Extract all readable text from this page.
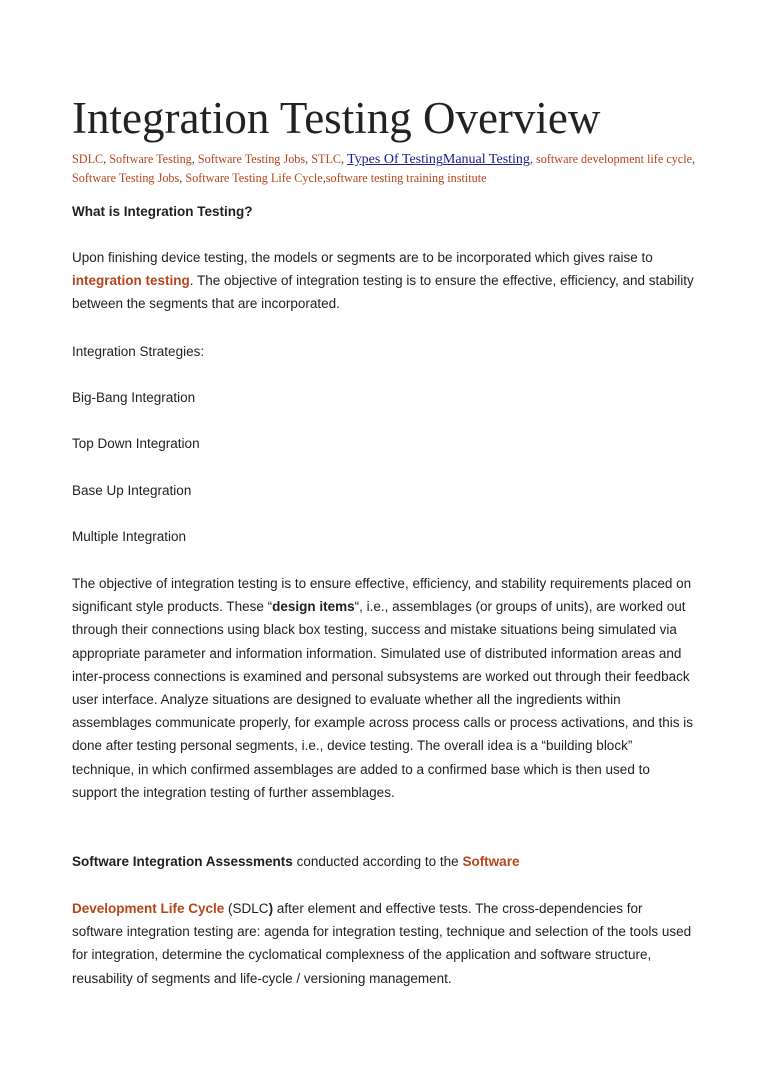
Integration Testing Overview
SDLC, Software Testing, Software Testing Jobs, STLC, Types Of TestingManual Testing, software development life cycle, Software Testing Jobs, Software Testing Life Cycle,software testing training institute

What is Integration Testing?

Upon finishing device testing, the models or segments are to be incorporated which gives raise to integration testing. The objective of integration testing is to ensure the effective, efficiency, and stability between the segments that are incorporated.

Integration Strategies:

Big-Bang Integration

Top Down Integration

Base Up Integration

Multiple Integration

The objective of integration testing is to ensure effective, efficiency, and stability requirements placed on significant style products. These “design items“, i.e., assemblages (or groups of units), are worked out through their connections using black box testing, success and mistake situations being simulated via appropriate parameter and information information. Simulated use of distributed information areas and inter-process connections is examined and personal subsystems are worked out through their feedback user interface. Analyze situations are designed to evaluate whether all the ingredients within assemblages communicate properly, for example across process calls or process activations, and this is done after testing personal segments, i.e., device testing. The overall idea is a “building block” technique, in which confirmed assemblages are added to a confirmed base which is then used to support the integration testing of further assemblages.

Software Integration Assessments conducted according to the Software

Development Life Cycle (SDLC) after element and effective tests. The cross-dependencies for software integration testing are: agenda for integration testing, technique and selection of the tools used for integration, determine the cyclomatical complexness of the application and software structure, reusability of segments and life-cycle / versioning management.
